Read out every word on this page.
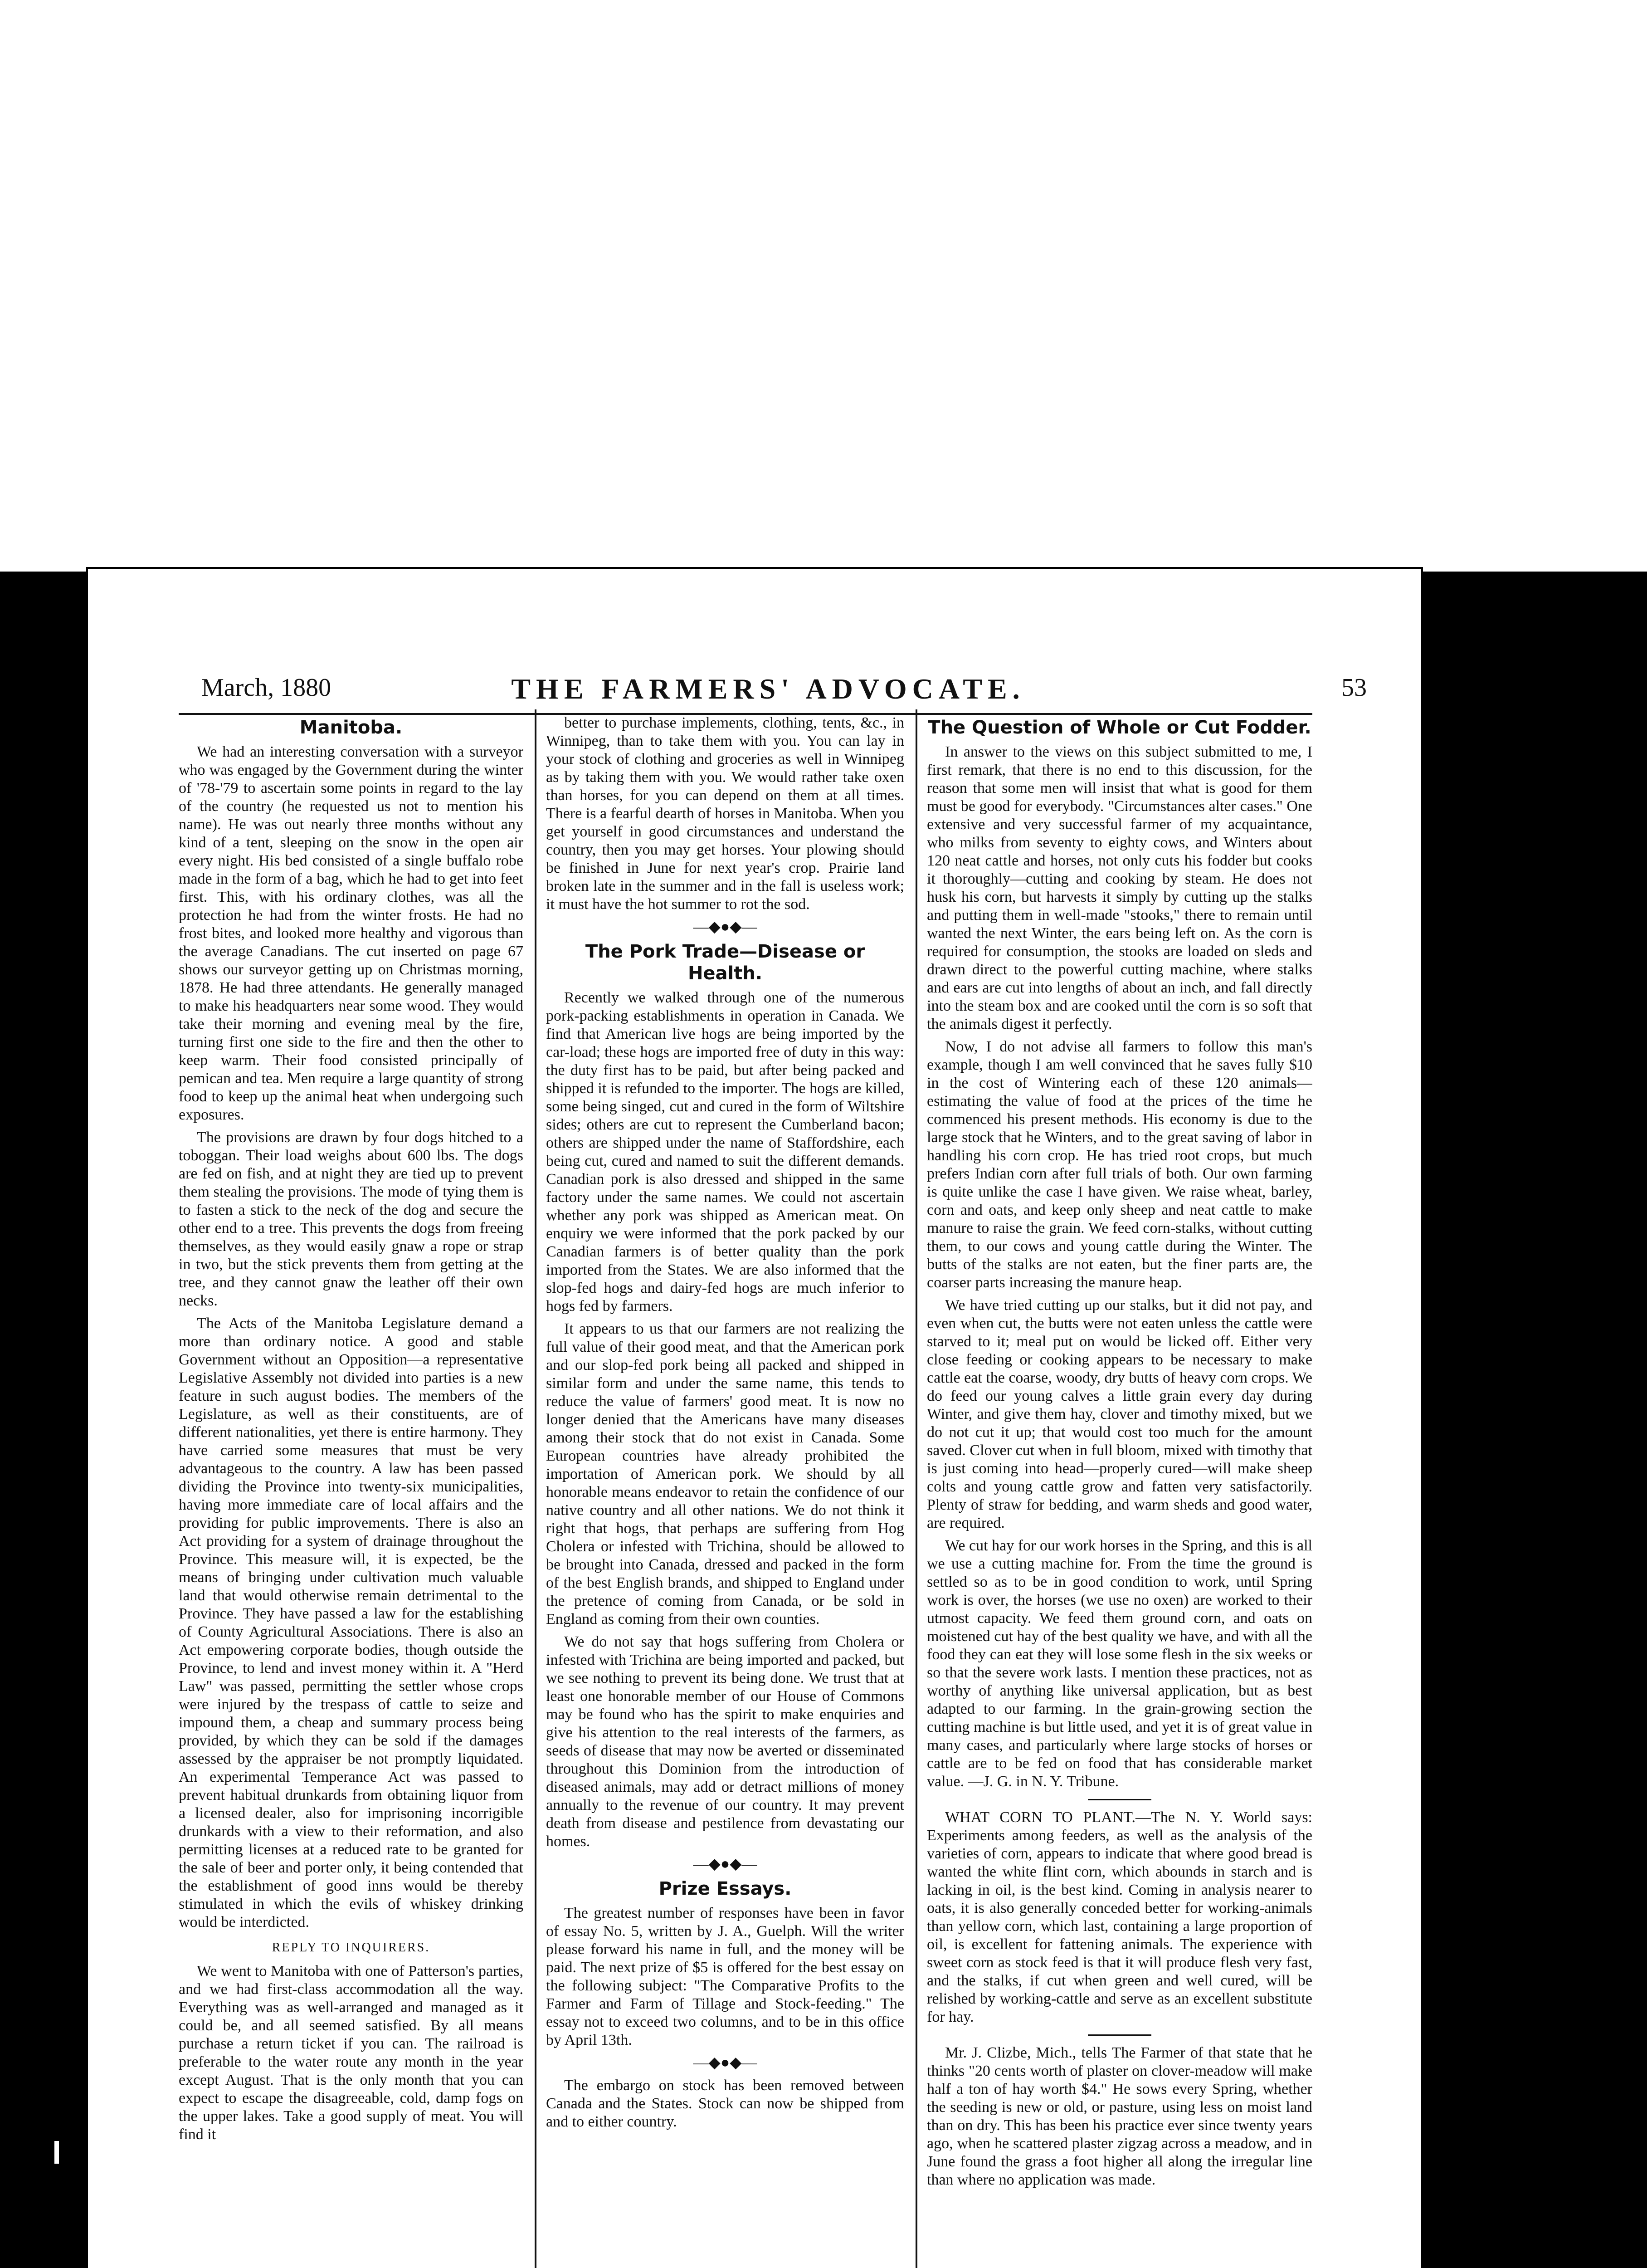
March, 1880	THE FARMERS' ADVOCATE.	53
Manitoba.

We had an interesting conversation with a surveyor who was engaged by the Government during the winter of '78-'79 to ascertain some points in regard to the lay of the country (he requested us not to mention his name). He was out nearly three months without any kind of a tent, sleeping on the snow in the open air every night. His bed consisted of a single buffalo robe made in the form of a bag, which he had to get into feet first. This, with his ordinary clothes, was all the protection he had from the winter frosts. He had no frost bites, and looked more healthy and vigorous than the average Canadians. The cut inserted on page 67 shows our surveyor getting up on Christmas morning, 1878. He had three attendants. He generally managed to make his headquarters near some wood. They would take their morning and evening meal by the fire, turning first one side to the fire and then the other to keep warm. Their food consisted principally of pemican and tea. Men require a large quantity of strong food to keep up the animal heat when undergoing such exposures.

The provisions are drawn by four dogs hitched to a toboggan. Their load weighs about 600 lbs. The dogs are fed on fish, and at night they are tied up to prevent them stealing the provisions. The mode of tying them is to fasten a stick to the neck of the dog and secure the other end to a tree. This prevents the dogs from freeing themselves, as they would easily gnaw a rope or strap in two, but the stick prevents them from getting at the tree, and they cannot gnaw the leather off their own necks.

The Acts of the Manitoba Legislature demand a more than ordinary notice. A good and stable Government without an Opposition—a representative Legislative Assembly not divided into parties is a new feature in such august bodies. The members of the Legislature, as well as their constituents, are of different nationalities, yet there is entire harmony. They have carried some measures that must be very advantageous to the country. A law has been passed dividing the Province into twenty-six municipalities, having more immediate care of local affairs and the providing for public improvements. There is also an Act providing for a system of drainage throughout the Province. This measure will, it is expected, be the means of bringing under cultivation much valuable land that would otherwise remain detrimental to the Province. They have passed a law for the establishing of County Agricultural Associations. There is also an Act empowering corporate bodies, though outside the Province, to lend and invest money within it. A "Herd Law" was passed, permitting the settler whose crops were injured by the trespass of cattle to seize and impound them, a cheap and summary process being provided, by which they can be sold if the damages assessed by the appraiser be not promptly liquidated. An experimental Temperance Act was passed to prevent habitual drunkards from obtaining liquor from a licensed dealer, also for imprisoning incorrigible drunkards with a view to their reformation, and also permitting licenses at a reduced rate to be granted for the sale of beer and porter only, it being contended that the establishment of good inns would be thereby stimulated in which the evils of whiskey drinking would be interdicted.

REPLY TO INQUIRERS.

We went to Manitoba with one of Patterson's parties, and we had first-class accommodation all the way. Everything was as well-arranged and managed as it could be, and all seemed satisfied. By all means purchase a return ticket if you can. The railroad is preferable to the water route any month in the year except August. That is the only month that you can expect to escape the disagreeable, cold, damp fogs on the upper lakes. Take a good supply of meat. You will find it

better to purchase implements, clothing, tents, &c., in Winnipeg, than to take them with you. You can lay in your stock of clothing and groceries as well in Winnipeg as by taking them with you. We would rather take oxen than horses, for you can depend on them at all times. There is a fearful dearth of horses in Manitoba. When you get yourself in good circumstances and understand the country, then you may get horses. Your plowing should be finished in June for next year's crop. Prairie land broken late in the summer and in the fall is useless work; it must have the hot summer to rot the sod.

—◆●◆—
The Pork Trade—Disease or Health.

Recently we walked through one of the numerous pork-packing establishments in operation in Canada. We find that American live hogs are being imported by the car-load; these hogs are imported free of duty in this way: the duty first has to be paid, but after being packed and shipped it is refunded to the importer. The hogs are killed, some being singed, cut and cured in the form of Wiltshire sides; others are cut to represent the Cumberland bacon; others are shipped under the name of Staffordshire, each being cut, cured and named to suit the different demands. Canadian pork is also dressed and shipped in the same factory under the same names. We could not ascertain whether any pork was shipped as American meat. On enquiry we were informed that the pork packed by our Canadian farmers is of better quality than the pork imported from the States. We are also informed that the slop-fed hogs and dairy-fed hogs are much inferior to hogs fed by farmers.

It appears to us that our farmers are not realizing the full value of their good meat, and that the American pork and our slop-fed pork being all packed and shipped in similar form and under the same name, this tends to reduce the value of farmers' good meat. It is now no longer denied that the Americans have many diseases among their stock that do not exist in Canada. Some European countries have already prohibited the importation of American pork. We should by all honorable means endeavor to retain the confidence of our native country and all other nations. We do not think it right that hogs, that perhaps are suffering from Hog Cholera or infested with Trichina, should be allowed to be brought into Canada, dressed and packed in the form of the best English brands, and shipped to England under the pretence of coming from Canada, or be sold in England as coming from their own counties.

We do not say that hogs suffering from Cholera or infested with Trichina are being imported and packed, but we see nothing to prevent its being done. We trust that at least one honorable member of our House of Commons may be found who has the spirit to make enquiries and give his attention to the real interests of the farmers, as seeds of disease that may now be averted or disseminated throughout this Dominion from the introduction of diseased animals, may add or detract millions of money annually to the revenue of our country. It may prevent death from disease and pestilence from devastating our homes.

—◆●◆—
Prize Essays.

The greatest number of responses have been in favor of essay No. 5, written by J. A., Guelph. Will the writer please forward his name in full, and the money will be paid. The next prize of $5 is offered for the best essay on the following subject: "The Comparative Profits to the Farmer and Farm of Tillage and Stock-feeding." The essay not to exceed two columns, and to be in this office by April 13th.

—◆●◆—

The embargo on stock has been removed between Canada and the States. Stock can now be shipped from and to either country.

The Question of Whole or Cut Fodder.

In answer to the views on this subject submitted to me, I first remark, that there is no end to this discussion, for the reason that some men will insist that what is good for them must be good for everybody. "Circumstances alter cases." One extensive and very successful farmer of my acquaintance, who milks from seventy to eighty cows, and Winters about 120 neat cattle and horses, not only cuts his fodder but cooks it thoroughly—cutting and cooking by steam. He does not husk his corn, but harvests it simply by cutting up the stalks and putting them in well-made "stooks," there to remain until wanted the next Winter, the ears being left on. As the corn is required for consumption, the stooks are loaded on sleds and drawn direct to the powerful cutting machine, where stalks and ears are cut into lengths of about an inch, and fall directly into the steam box and are cooked until the corn is so soft that the animals digest it perfectly.

Now, I do not advise all farmers to follow this man's example, though I am well convinced that he saves fully $10 in the cost of Wintering each of these 120 animals—estimating the value of food at the prices of the time he commenced his present methods. His economy is due to the large stock that he Winters, and to the great saving of labor in handling his corn crop. He has tried root crops, but much prefers Indian corn after full trials of both. Our own farming is quite unlike the case I have given. We raise wheat, barley, corn and oats, and keep only sheep and neat cattle to make manure to raise the grain. We feed corn-stalks, without cutting them, to our cows and young cattle during the Winter. The butts of the stalks are not eaten, but the finer parts are, the coarser parts increasing the manure heap.

We have tried cutting up our stalks, but it did not pay, and even when cut, the butts were not eaten unless the cattle were starved to it; meal put on would be licked off. Either very close feeding or cooking appears to be necessary to make cattle eat the coarse, woody, dry butts of heavy corn crops. We do feed our young calves a little grain every day during Winter, and give them hay, clover and timothy mixed, but we do not cut it up; that would cost too much for the amount saved. Clover cut when in full bloom, mixed with timothy that is just coming into head—properly cured—will make sheep colts and young cattle grow and fatten very satisfactorily. Plenty of straw for bedding, and warm sheds and good water, are required.

We cut hay for our work horses in the Spring, and this is all we use a cutting machine for. From the time the ground is settled so as to be in good condition to work, until Spring work is over, the horses (we use no oxen) are worked to their utmost capacity. We feed them ground corn, and oats on moistened cut hay of the best quality we have, and with all the food they can eat they will lose some flesh in the six weeks or so that the severe work lasts. I mention these practices, not as worthy of anything like universal application, but as best adapted to our farming. In the grain-growing section the cutting machine is but little used, and yet it is of great value in many cases, and particularly where large stocks of horses or cattle are to be fed on food that has considerable market value. —J. G. in N. Y. Tribune.

WHAT CORN TO PLANT.—The N. Y. World says: Experiments among feeders, as well as the analysis of the varieties of corn, appears to indicate that where good bread is wanted the white flint corn, which abounds in starch and is lacking in oil, is the best kind. Coming in analysis nearer to oats, it is also generally conceded better for working-animals than yellow corn, which last, containing a large proportion of oil, is excellent for fattening animals. The experience with sweet corn as stock feed is that it will produce flesh very fast, and the stalks, if cut when green and well cured, will be relished by working-cattle and serve as an excellent substitute for hay.

Mr. J. Clizbe, Mich., tells The Farmer of that state that he thinks "20 cents worth of plaster on clover-meadow will make half a ton of hay worth $4." He sows every Spring, whether the seeding is new or old, or pasture, using less on moist land than on dry. This has been his practice ever since twenty years ago, when he scattered plaster zigzag across a meadow, and in June found the grass a foot higher all along the irregular line than where no application was made.
